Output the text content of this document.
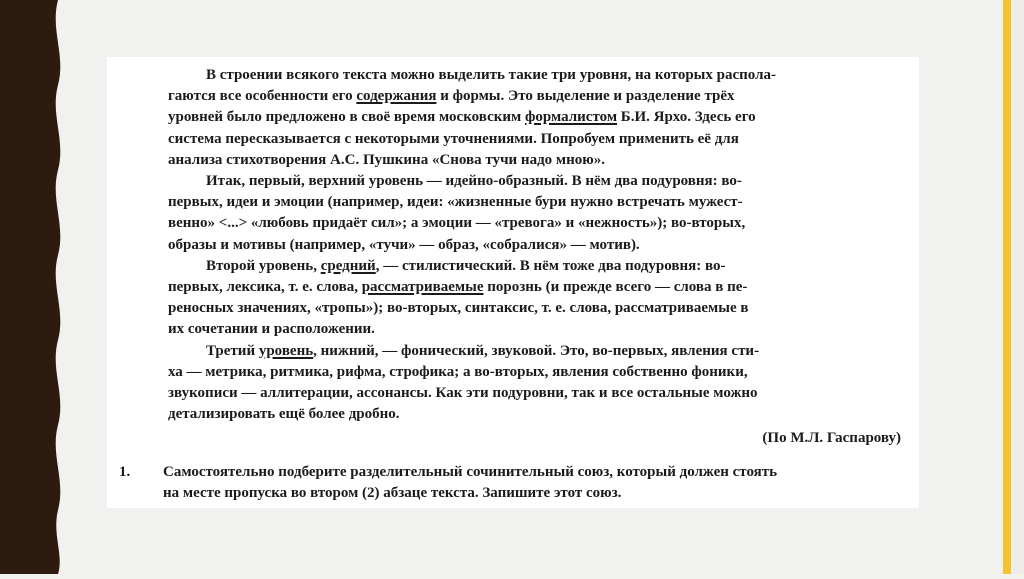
В строении всякого текста можно выделить такие три уровня, на которых распола-
гаются все особенности его содержания и формы. Это выделение и разделение трёх
уровней было предложено в своё время московским формалистом Б.И. Ярхо. Здесь его
система пересказывается с некоторыми уточнениями. Попробуем применить её для
анализа стихотворения А.С. Пушкина «Снова тучи надо мною».
Итак, первый, верхний уровень — идейно-образный. В нём два подуровня: во-
первых, идеи и эмоции (например, идеи: «жизненные бури нужно встречать мужест-
венно» <...> «любовь придаёт сил»; а эмоции — «тревога» и «нежность»); во-вторых,
образы и мотивы (например, «тучи» — образ, «собралися» — мотив).
Второй уровень, средний, — стилистический. В нём тоже два подуровня: во-
первых, лексика, т. е. слова, рассматриваемые порознь (и прежде всего — слова в пе-
реносных значениях, «тропы»); во-вторых, синтаксис, т. е. слова, рассматриваемые в
их сочетании и расположении.
Третий уровень, нижний, — фонический, звуковой. Это, во-первых, явления сти-
ха — метрика, ритмика, рифма, строфика; а во-вторых, явления собственно фоники,
звукописи — аллитерации, ассонансы. Как эти подуровни, так и все остальные можно
детализировать ещё более дробно.
(По М.Л. Гаспарову)
1.	Самостоятельно подберите разделительный сочинительный союз, который должен стоять
на месте пропуска во втором (2) абзаце текста. Запишите этот союз.
